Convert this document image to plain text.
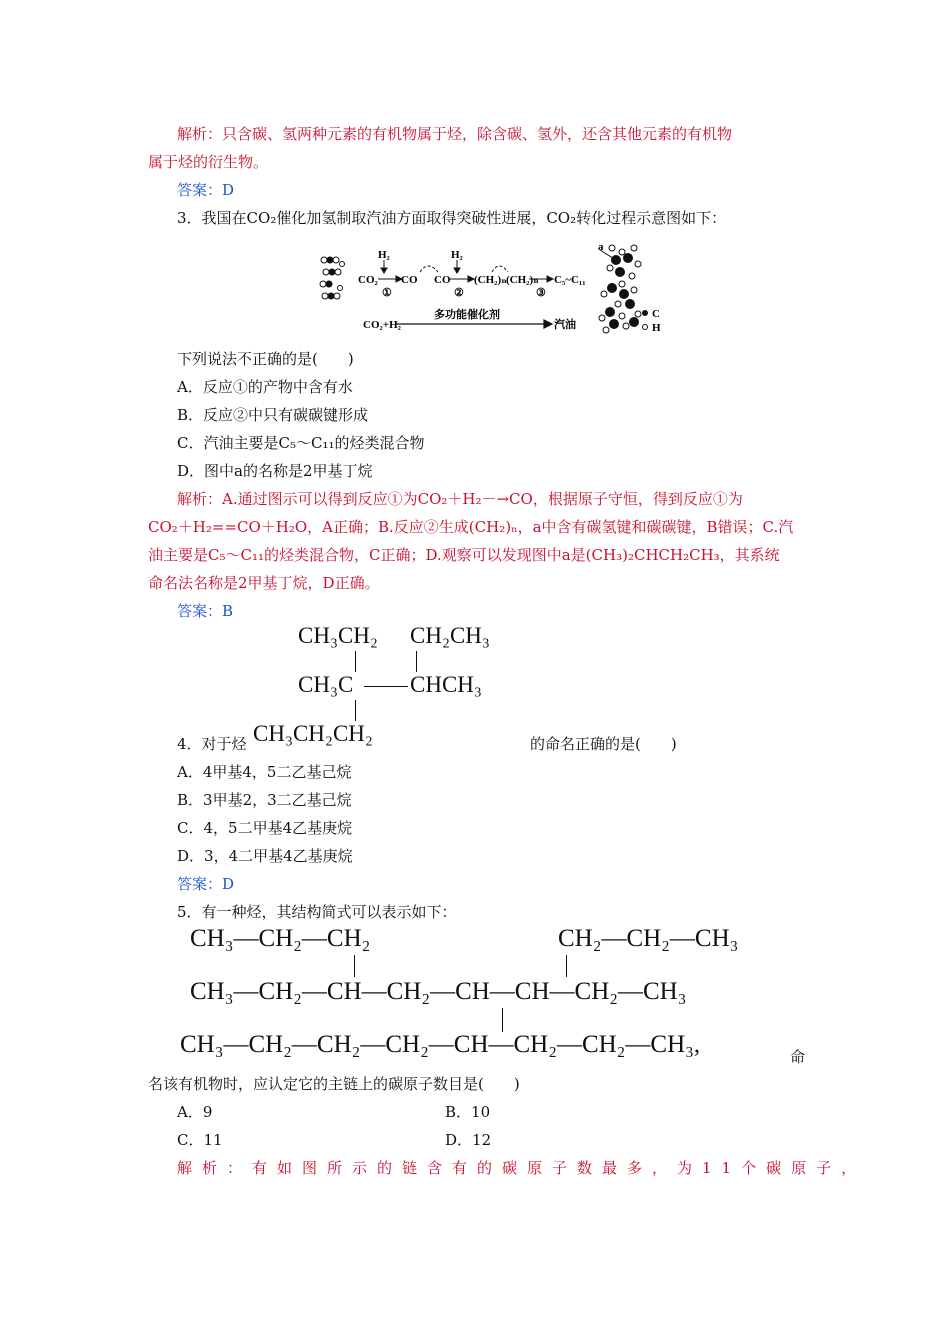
解析：只含碳、氢两种元素的有机物属于烃，除含碳、氢外，还含其他元素的有机物
属于烃的衍生物。
答案：D
3．我国在CO₂催化加氢制取汽油方面取得突破性进展，CO₂转化过程示意图如下：
H₂	H₂
CO₂ CO CO (CH₂)ₙ (CH₂)ₙ C₅~C₁₁
①	②	③
CO₂+H₂
多功能催化剂
汽油
a
C
H
下列说法不正确的是(　　)
A．反应①的产物中含有水
B．反应②中只有碳碳键形成
C．汽油主要是C₅～C₁₁的烃类混合物
D．图中a的名称是2甲基丁烷
解析：A.通过图示可以得到反应①为CO₂＋H₂－→CO，根据原子守恒，得到反应①为
CO₂＋H₂==CO＋H₂O，A正确；B.反应②生成(CH₂)ₙ，a中含有碳氢键和碳碳键，B错误；C.汽
油主要是C₅～C₁₁的烃类混合物，C正确；D.观察可以发现图中a是(CH₃)₂CHCH₂CH₃，其系统
命名法名称是2甲基丁烷，D正确。
答案：B
CH₃CH₂ CH₂CH₃
CH₃C CHCH₃
CH₃CH₂CH₂
4．对于烃	的命名正确的是(　　)
A．4甲基4，5二乙基己烷
B．3甲基2，3二乙基己烷
C．4，5二甲基4乙基庚烷
D．3，4二甲基4乙基庚烷
答案：D
5．有一种烃，其结构简式可以表示如下：
CH₃—CH₂—CH₂	CH₂—CH₂—CH₃
CH₃—CH₂—CH—CH₂—CH—CH—CH₂—CH₃
CH₃—CH₂—CH₂—CH₂—CH—CH₂—CH₂—CH₃,	命
名该有机物时，应认定它的主链上的碳原子数目是(　　)
A．9	B．10
C．11	D．12
解析：有如图所示的链含有的碳原子数最多，为11个碳原子，
